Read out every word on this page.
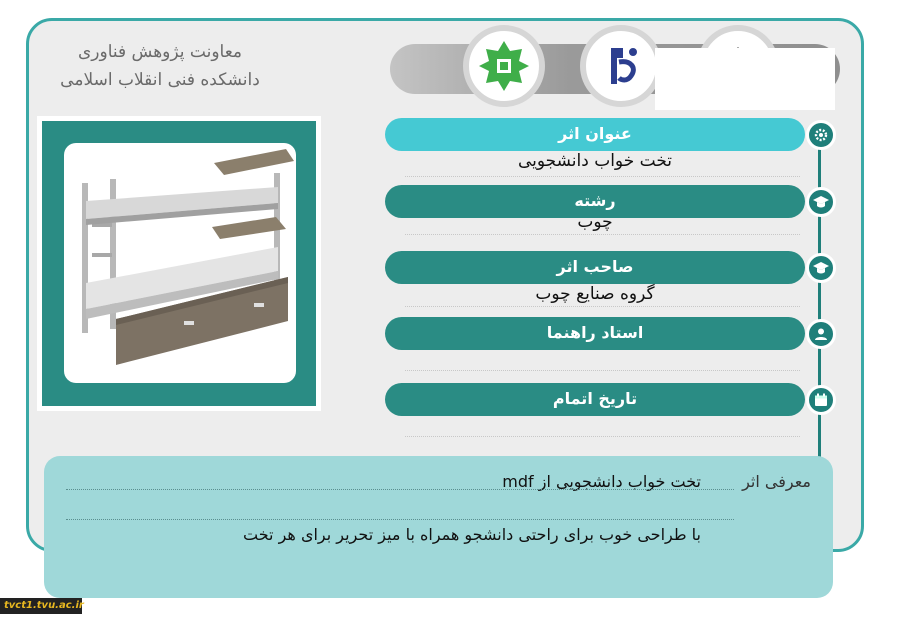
معاونت پژوهش فناوری
دانشکده فنی انقلاب اسلامی
عنوان اثر
تخت خواب دانشجویی
رشته
چوب
صاحب اثر
گروه صنایع چوب
استاد راهنما
تاریخ اتمام
معرفی اثر
تخت خواب دانشجویی از mdf
با طراحی خوب برای راحتی دانشجو همراه با میز تحریر برای هر تخت
tvct1.tvu.ac.ir
